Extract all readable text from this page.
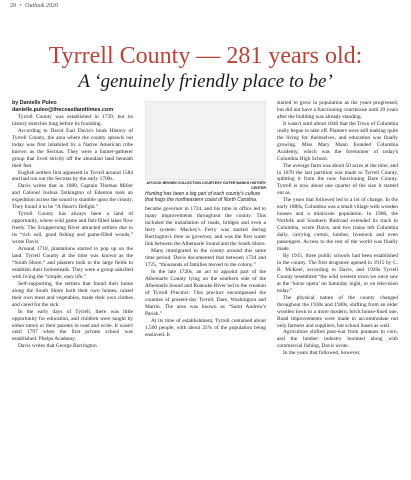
20 • Outlook 2020
Tyrrell County — 281 years old:
A ‘genuinely friendly place to be’

by Danielle Puleo

danielle.puleo@thecoastlandtimes.com

Tyrrell County was established in 1739, but its history stretches long before its founding.

According to David Earl Davis's book History of Tyrrell County, the area where the county sprawls out today was first inhabited by a Native American tribe known as the Secotas. They were a hunter-gatherer group that lived strictly off the abundant land beneath their feet.

English settlers first appeared in Tyrrell around 1584 and had run out the Secotas by the early 1700s.

Davis writes that in 1680, Captain Thomas Miller and Colonel Joshua Tarkington of Edenton took an expedition across the sound to stumble upon the county. They found it to be “A Heart's Delight.”

Tyrrell County has always been a land of opportunity, where wild game and fish-filled lakes flow freely. The Scuppernong River attracted settlers due to its “rich soil, good fishing and game-filled woods,” wrote Davis.

Around 1710, plantations started to pop up on the land. Tyrrell County at the time was known as the “South Shore,” and planters took to the large fields to establish their homesteads. They were a group satisfied with living the “simple, easy life.”

Self-supporting, the settlers that found their home along the South Shore built their own homes, raised their own meat and vegetables, made their own clothes and cared for the sick.

In the early days of Tyrrell, there was little opportunity for education, and children were taught by either tutors or their parents to read and write. It wasn't until 1797 when the first private school was established: Phelps Academy.

Davis writes that George Burrington

AYCOCK BROWN COLLECTION COURTESY OUTER BANKS HISTORY CENTER
Hunting has been a big part of each county's culture that hugs the northeastern coast of North Carolina.

became governor in 1724, and his time in office led to many improvements throughout the county. This included the installation of roads, bridges and even a ferry system. Mackey's Ferry was started during Burrington's time as governor, and was the first water link between the Albemarle Sound and the South Shore.

Many immigrated to the county around this same time period. Davis documented that between 1724 and 1725, “thousands of families moved to the colony.”

In the late 1720s, an act to appoint part of the Albemarle County lying on the southern side of the Albemarle Sound and Roanoke River led to the creation of Tyrrell Precinct. This precinct encompassed the counties of present-day Tyrrell, Dare, Washington and Martin. The area was known as “Saint Andrew's Parish.”

At its time of establishment, Tyrrell contained about 1,500 people, with about 25% of the population being enslaved. It

started to grow in population as the years progressed, but did not have a functioning courthouse until 20 years after the building was already standing.

It wasn't until about 1840 that the Town of Columbia really began to take off. Planters were still making quite the living for themselves, and education was finally growing. Miss Mary Mann founded Columbia Academy, which was the forerunner of today's Columbia High School.

The average farm was about 50 acres at the time, and in 1870 the last partition was made to Tyrrell County, splitting it from the now functioning Dare County. Tyrrell is now about one quarter of the size it started out as.

The years that followed led to a lot of change. In the early 1880s, Columbia was a small village with wooden houses and a miniscule population. In 1908, the Norfolk and Southern Railroad extended its track to Columbia, wrote Davis, and two trains left Columbia daily, carrying cotton, lumber, livestock and even passengers. Access to the rest of the world was finally made.

By 1915, three public schools had been established in the county. The first drugstore opened in 1915 by C. B. McKeel, according to Davis, and 1920s Tyrrell County resembled “the wild western town we once saw at the ‘horse opera’ on Saturday night, or on television today.”

The physical nature of the county changed throughout the 1930s and 1940s, shifting from an older wooden town to a more modern, brick house-lined one. Road improvements were made to accommodate not only farmers and suppliers, but school buses as well.

Agriculture shifted post-war from potatoes to corn, and the lumber industry boomed along with commercial fishing, Davis wrote.

In the years that followed, however,
